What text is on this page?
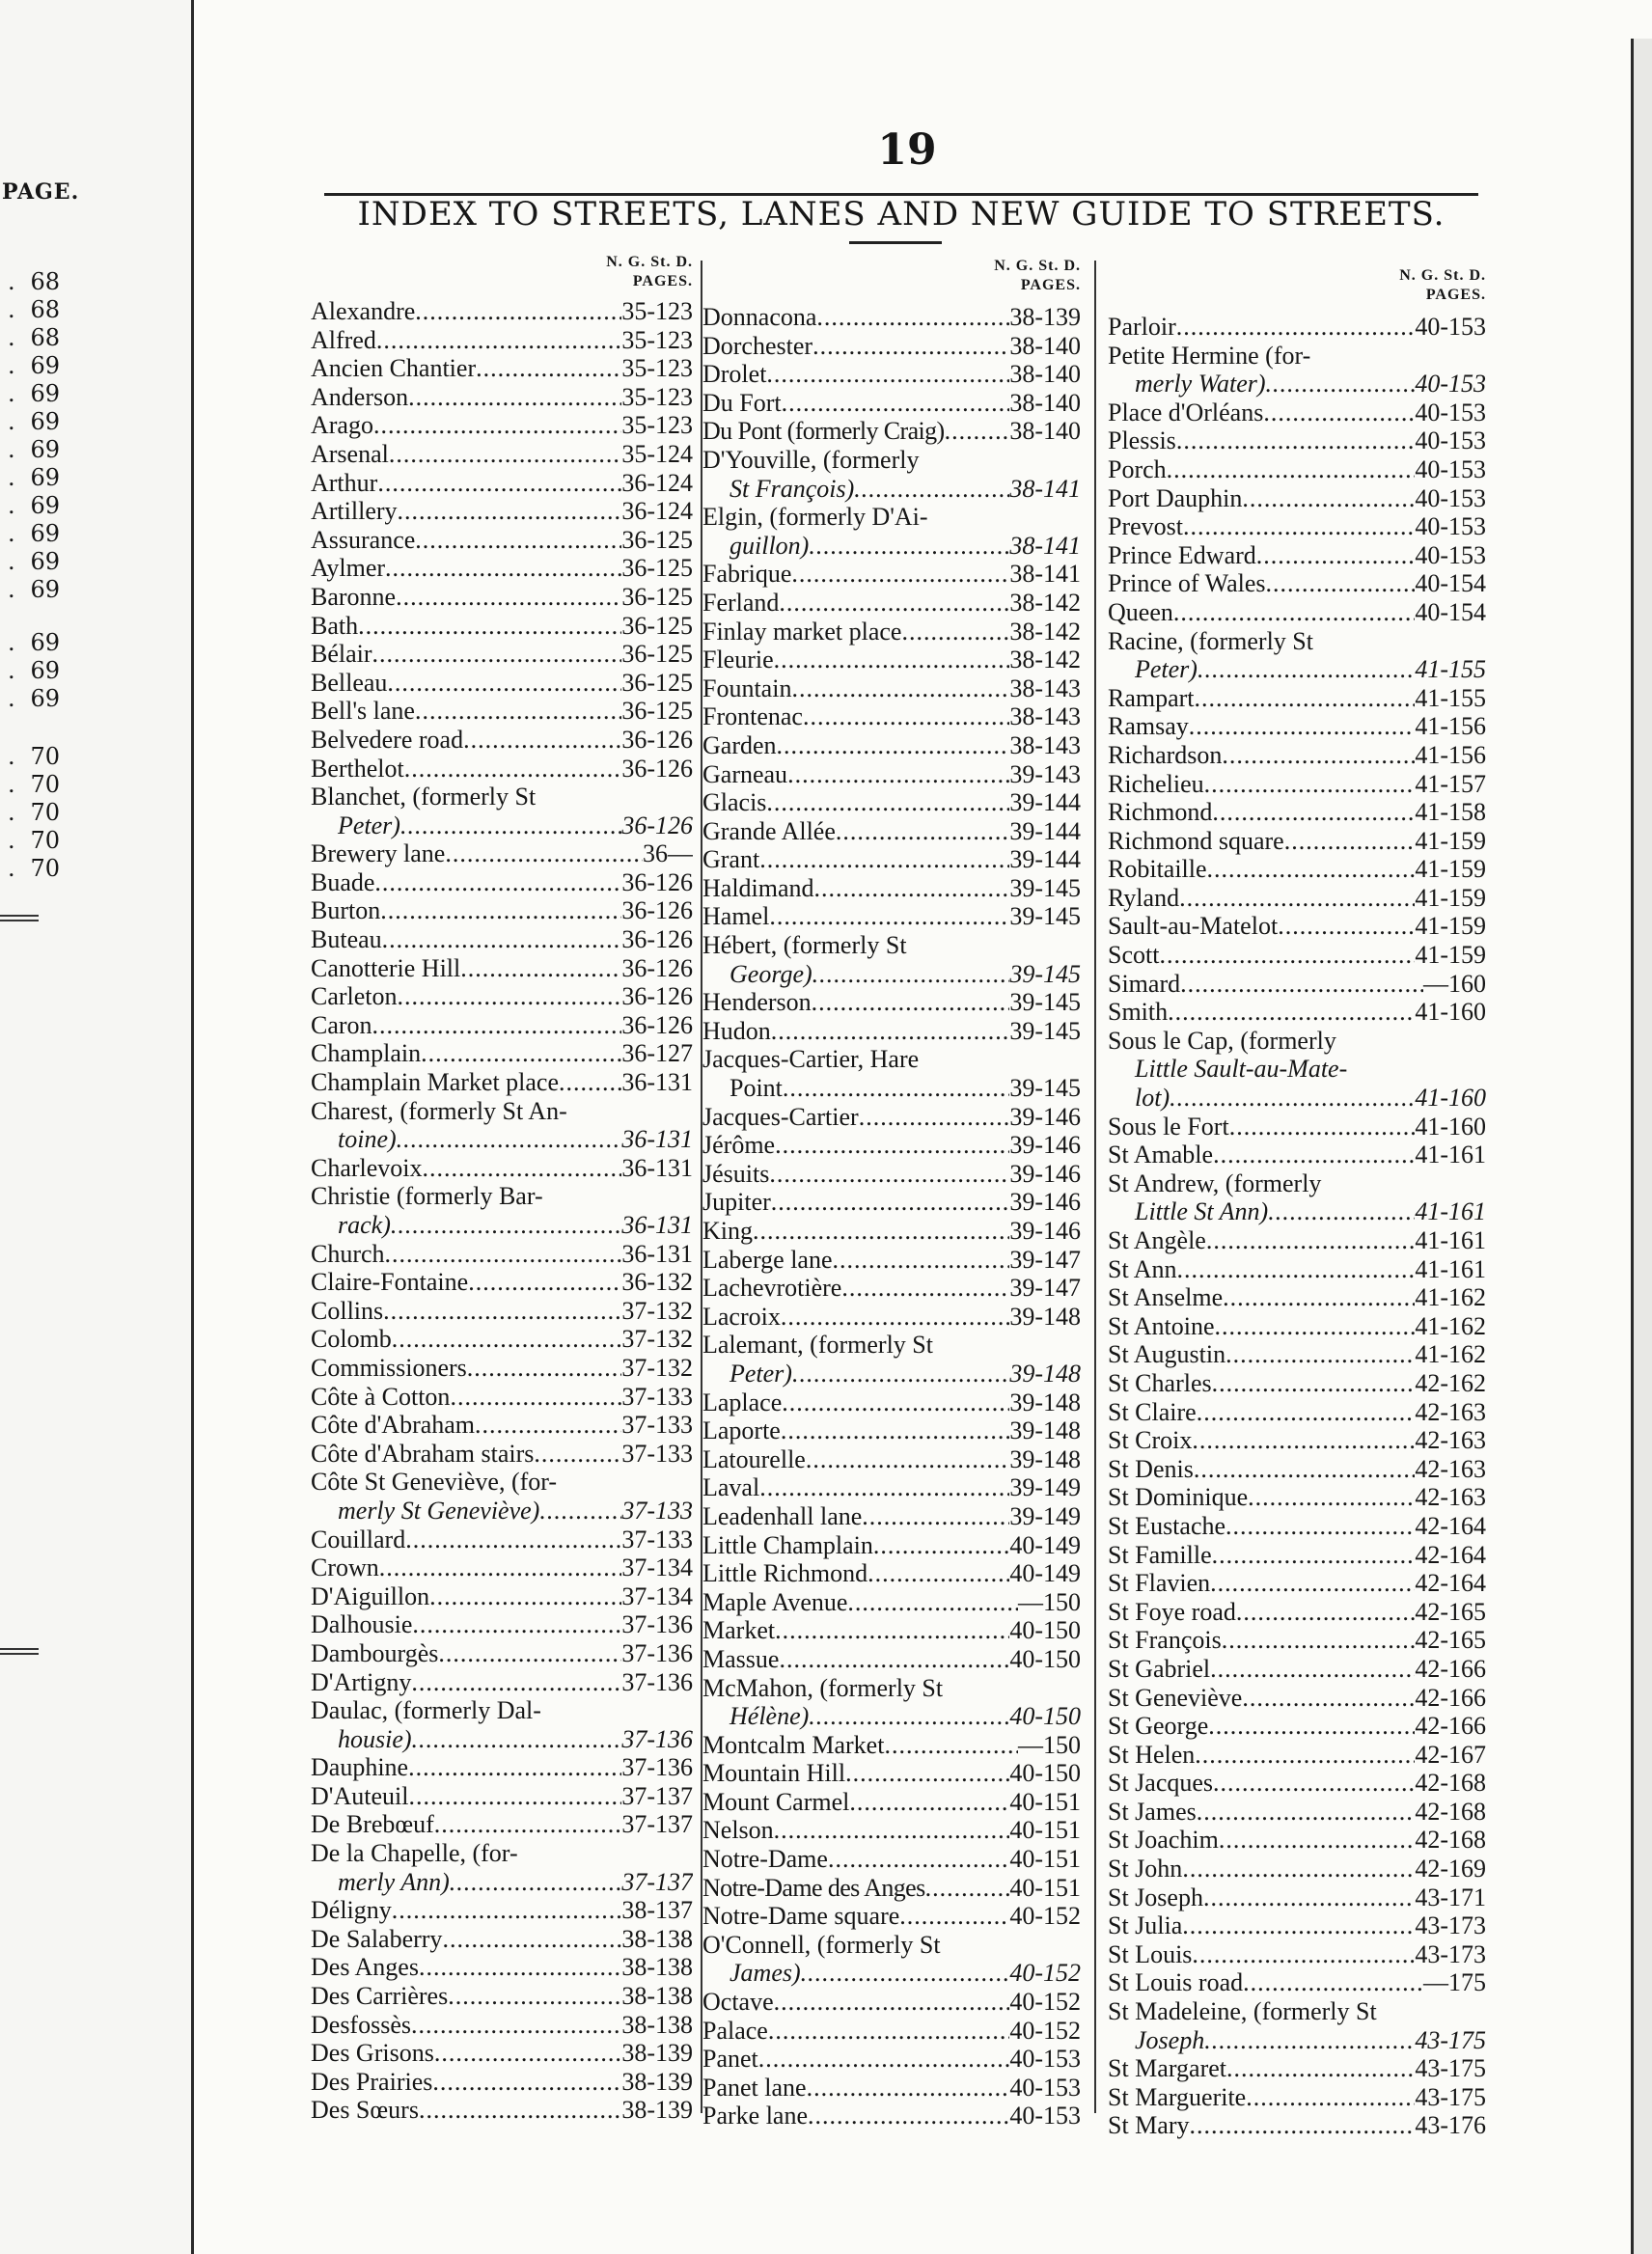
PAGE.
. 68
. 68
. 68
. 69
. 69
. 69
. 69
. 69
. 69
. 69
. 69
. 69
. 69
. 69
. 69
. 70
. 70
. 70
. 70
. 70
19
INDEX TO STREETS, LANES AND NEW GUIDE TO STREETS.
N. G. St. D.
PAGES.
Alexandre .....	35-123
Alfred .....	35-123
Ancien Chantier .....	35-123
Anderson .....	35-123
Arago .....	35-123
Arsenal .....	35-124
Arthur .....	36-124
Artillery .....	36-124
Assurance .....	36-125
Aylmer .....	36-125
Baronne .....	36-125
Bath .....	36-125
Bélair .....	36-125
Belleau .....	36-125
Bell's lane .....	36-125
Belvedere road .....	36-126
Berthelot .....	36-126
Blanchet, (formerly St
Peter) .....	36-126
Brewery lane .....	36—
Buade .....	36-126
Burton .....	36-126
Buteau .....	36-126
Canotterie Hill .....	36-126
Carleton .....	36-126
Caron .....	36-126
Champlain .....	36-127
Champlain Market place .....	36-131
Charest, (formerly St An-
toine) .....	36-131
Charlevoix .....	36-131
Christie (formerly Bar-
rack) .....	36-131
Church .....	36-131
Claire-Fontaine .....	36-132
Collins .....	37-132
Colomb .....	37-132
Commissioners .....	37-132
Côte à Cotton .....	37-133
Côte d'Abraham .....	37-133
Côte d'Abraham stairs .....	37-133
Côte St Geneviève, (for-
merly St Geneviève) .....	37-133
Couillard .....	37-133
Crown .....	37-134
D'Aiguillon .....	37-134
Dalhousie .....	37-136
Dambourgès .....	37-136
D'Artigny .....	37-136
Daulac, (formerly Dal-
housie) .....	37-136
Dauphine .....	37-136
D'Auteuil .....	37-137
De Brebœuf .....	37-137
De la Chapelle, (for-
merly Ann) .....	37-137
Déligny .....	38-137
De Salaberry .....	38-138
Des Anges .....	38-138
Des Carrières .....	38-138
Desfossès .....	38-138
Des Grisons .....	38-139
Des Prairies .....	38-139
Des Sœurs .....	38-139
N. G. St. D.
PAGES.
Donnacona .....	38-139
Dorchester .....	38-140
Drolet .....	38-140
Du Fort .....	38-140
Du Pont (formerly Craig) .....	38-140
D'Youville, (formerly
St François) .....	38-141
Elgin, (formerly D'Ai-
guillon) .....	38-141
Fabrique .....	38-141
Ferland .....	38-142
Finlay market place .....	38-142
Fleurie .....	38-142
Fountain .....	38-143
Frontenac .....	38-143
Garden .....	38-143
Garneau .....	39-143
Glacis .....	39-144
Grande Allée .....	39-144
Grant .....	39-144
Haldimand .....	39-145
Hamel .....	39-145
Hébert, (formerly St
George) .....	39-145
Henderson .....	39-145
Hudon .....	39-145
Jacques-Cartier, Hare
Point .....	39-145
Jacques-Cartier .....	39-146
Jérôme .....	39-146
Jésuits .....	39-146
Jupiter .....	39-146
King .....	39-146
Laberge lane .....	39-147
Lachevrotière .....	39-147
Lacroix .....	39-148
Lalemant, (formerly St
Peter) .....	39-148
Laplace .....	39-148
Laporte .....	39-148
Latourelle .....	39-148
Laval .....	39-149
Leadenhall lane .....	39-149
Little Champlain .....	40-149
Little Richmond .....	40-149
Maple Avenue .....	—150
Market .....	40-150
Massue .....	40-150
McMahon, (formerly St
Hélène) .....	40-150
Montcalm Market .....	—150
Mountain Hill .....	40-150
Mount Carmel .....	40-151
Nelson .....	40-151
Notre-Dame .....	40-151
Notre-Dame des Anges .....	40-151
Notre-Dame square .....	40-152
O'Connell, (formerly St
James) .....	40-152
Octave .....	40-152
Palace .....	40-152
Panet .....	40-153
Panet lane .....	40-153
Parke lane .....	40-153
N. G. St. D.
PAGES.
Parloir .....	40-153
Petite Hermine (for-
merly Water) .....	40-153
Place d'Orléans .....	40-153
Plessis .....	40-153
Porch .....	40-153
Port Dauphin .....	40-153
Prevost .....	40-153
Prince Edward .....	40-153
Prince of Wales .....	40-154
Queen .....	40-154
Racine, (formerly St
Peter) .....	41-155
Rampart .....	41-155
Ramsay .....	41-156
Richardson .....	41-156
Richelieu .....	41-157
Richmond .....	41-158
Richmond square .....	41-159
Robitaille .....	41-159
Ryland .....	41-159
Sault-au-Matelot .....	41-159
Scott .....	41-159
Simard .....	—160
Smith .....	41-160
Sous le Cap, (formerly
Little Sault-au-Mate-
lot) .....	41-160
Sous le Fort .....	41-160
St Amable .....	41-161
St Andrew, (formerly
Little St Ann) .....	41-161
St Angèle .....	41-161
St Ann .....	41-161
St Anselme .....	41-162
St Antoine .....	41-162
St Augustin .....	41-162
St Charles .....	42-162
St Claire .....	42-163
St Croix .....	42-163
St Denis .....	42-163
St Dominique .....	42-163
St Eustache .....	42-164
St Famille .....	42-164
St Flavien .....	42-164
St Foye road .....	42-165
St François .....	42-165
St Gabriel .....	42-166
St Geneviève .....	42-166
St George .....	42-166
St Helen .....	42-167
St Jacques .....	42-168
St James .....	42-168
St Joachim .....	42-168
St John .....	42-169
St Joseph .....	43-171
St Julia .....	43-173
St Louis .....	43-173
St Louis road .....	—175
St Madeleine, (formerly St
Joseph .....	43-175
St Margaret .....	43-175
St Marguerite .....	43-175
St Mary .....	43-176
